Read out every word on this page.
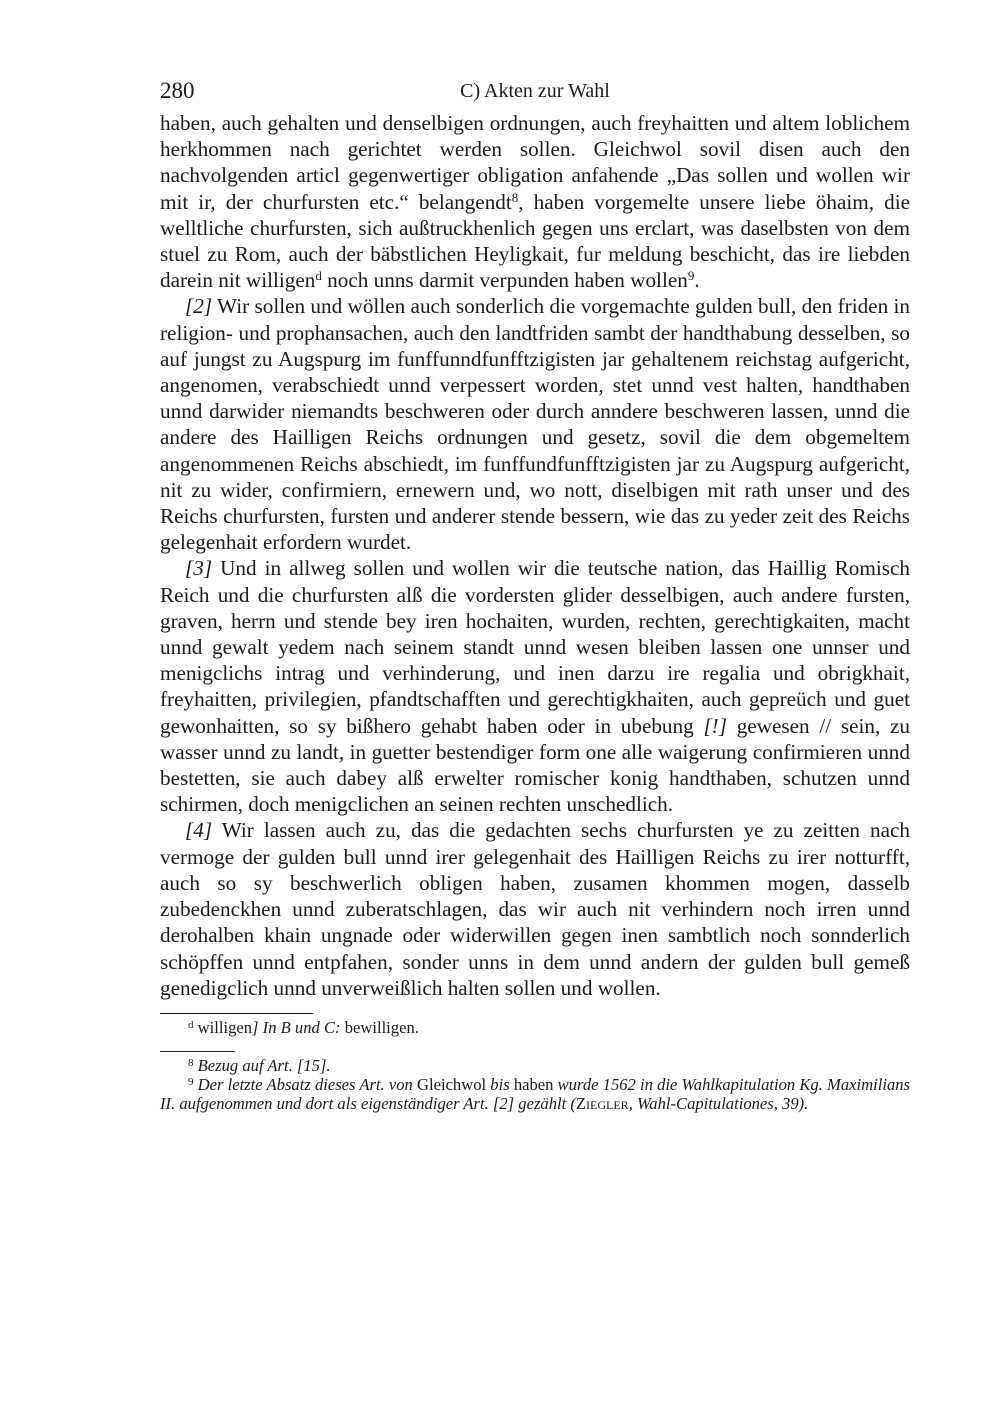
280	C) Akten zur Wahl

haben, auch gehalten und denselbigen ordnungen, auch freyhaitten und altem loblichem herkhommen nach gerichtet werden sollen. Gleichwol sovil disen auch den nachvolgenden articl gegenwertiger obligation anfahende „Das sollen und wollen wir mit ir, der churfursten etc.“ belangendt$^8$, haben vorgemelte unsere liebe öhaim, die welltliche churfursten, sich außtruckhenlich gegen uns erclart, was daselbsten von dem stuel zu Rom, auch der bäbstlichen Heyligkait, fur meldung beschicht, das ire liebden darein nit willigen$^d$ noch unns darmit verpunden haben wollen$^9$.

[2] Wir sollen und wöllen auch sonderlich die vorgemachte gulden bull, den friden in religion- und prophansachen, auch den landtfriden sambt der handthabung desselben, so auf jungst zu Augspurg im funffunndfunfftzigisten jar gehaltenem reichstag aufgericht, angenomen, verabschiedt unnd verpessert worden, stet unnd vest halten, handthaben unnd darwider niemandts beschweren oder durch anndere beschweren lassen, unnd die andere des Hailligen Reichs ordnungen und gesetz, sovil die dem obgemeltem angenommenen Reichs abschiedt, im funffundfunfftzigisten jar zu Augspurg aufgericht, nit zu wider, confirmiern, ernewern und, wo nott, diselbigen mit rath unser und des Reichs churfursten, fursten und anderer stende bessern, wie das zu yeder zeit des Reichs gelegenhait erfordern wurdet.

[3] Und in allweg sollen und wollen wir die teutsche nation, das Haillig Romisch Reich und die churfursten alß die vordersten glider desselbigen, auch andere fursten, graven, herrn und stende bey iren hochaiten, wurden, rechten, gerechtigkaiten, macht unnd gewalt yedem nach seinem standt unnd wesen bleiben lassen one unnser und menigclichs intrag und verhinderung, und inen darzu ire regalia und obrigkhait, freyhaitten, privilegien, pfandtschafften und gerechtigkhaiten, auch gepreüch und guet gewonhaitten, so sy bißhero gehabt haben oder in ubebung [!] gewesen // sein, zu wasser unnd zu landt, in guetter bestendiger form one alle waigerung confirmieren unnd bestetten, sie auch dabey alß erwelter romischer konig handthaben, schutzen unnd schirmen, doch menigclichen an seinen rechten unschedlich.

[4] Wir lassen auch zu, das die gedachten sechs churfursten ye zu zeitten nach vermoge der gulden bull unnd irer gelegenhait des Hailligen Reichs zu irer notturfft, auch so sy beschwerlich obligen haben, zusamen khommen mogen, dasselb zubedenckhen unnd zuberatschlagen, das wir auch nit verhindern noch irren unnd derohalben khain ungnade oder widerwillen gegen inen sambtlich noch sonnderlich schöpffen unnd entpfahen, sonder unns in dem unnd andern der gulden bull gemeß genedigclich unnd unverweißlich halten sollen und wollen.

$^d$ willigen] In B und C: bewilligen.

$^8$ Bezug auf Art. [15].

$^9$ Der letzte Absatz dieses Art. von Gleichwol bis haben wurde 1562 in die Wahlkapitulation Kg. Maximilians II. aufgenommen und dort als eigenständiger Art. [2] gezählt (Ziegler, Wahl-Capitulationes, 39).
